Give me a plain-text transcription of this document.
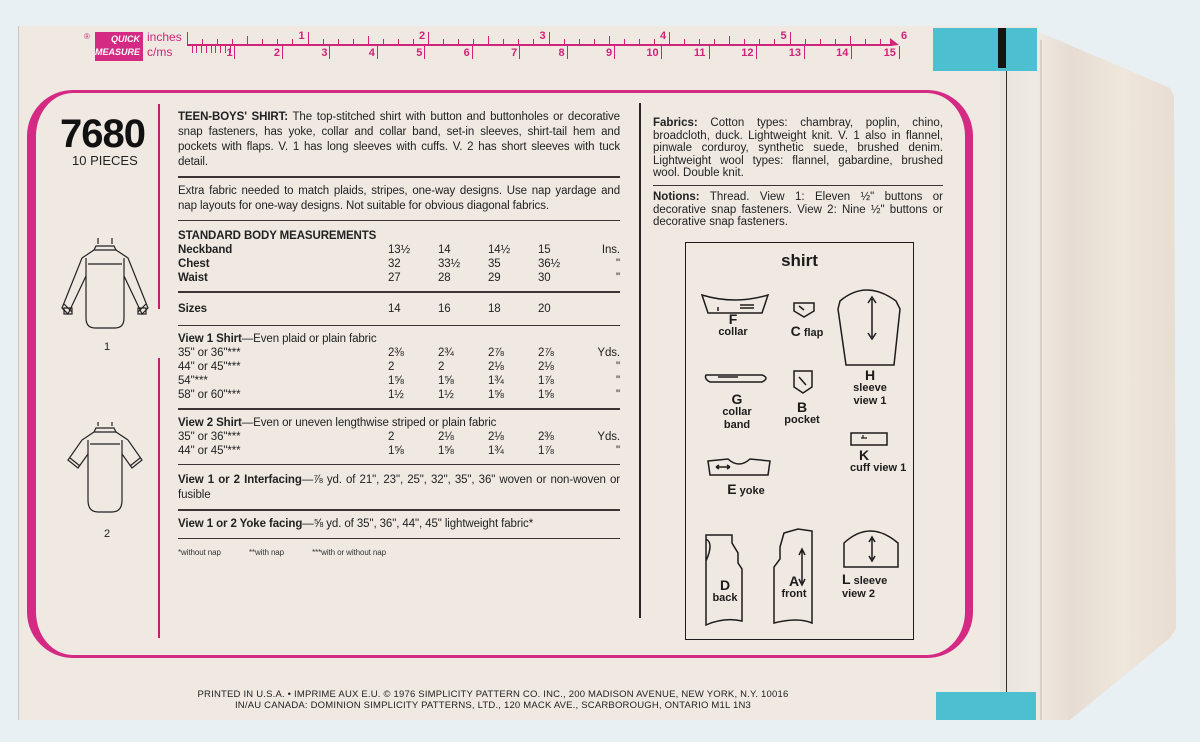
®	QUICK
MEASURE
inches
c/ms
1	2	3	4	5	6
1	2	3	4	5	6	7	8	9	10	11	12	13	14	15
7680
10 PIECES
1
2

TEEN-BOYS' SHIRT: The top-stitched shirt with button and buttonholes or decorative snap fasteners, has yoke, collar and collar band, set-in sleeves, shirt-tail hem and pockets with flaps. V. 1 has long sleeves with cuffs. V. 2 has short sleeves with tuck detail.

Extra fabric needed to match plaids, stripes, one-way designs. Use nap yardage and nap layouts for one-way designs. Not suitable for obvious diagonal fabrics.

STANDARD BODY MEASUREMENTS					
Neckband	13½	14	14½	15	Ins.
Chest	32	33½	35	36½	"
Waist	27	28	29	30	"
Sizes	14	16	18	20	
View 1 Shirt—Even plaid or plain fabric					
35" or 36"***	2⅜	2¾	2⅞	2⅞	Yds.
44" or 45"***	2	2	2⅛	2⅛	"
54"***	1⅝	1⅝	1¾	1⅞	"
58" or 60"***	1½	1½	1⅝	1⅝	"
View 2 Shirt—Even or uneven lengthwise striped or plain fabric					
35" or 36"***	2	2⅛	2⅛	2⅜	Yds.
44" or 45"***	1⅝	1⅝	1¾	1⅞	"

View 1 or 2 Interfacing—⅞ yd. of 21", 23", 25", 32", 35", 36" woven or non-woven or fusible

View 1 or 2 Yoke facing—⅝ yd. of 35", 36", 44", 45" lightweight fabric*

*without nap	**with nap	***with or without nap

Fabrics: Cotton types: chambray, poplin, chino, broadcloth, duck. Lightweight knit. V. 1 also in flannel, pinwale corduroy, synthetic suede, brushed denim. Lightweight wool types: flannel, gabardine, brushed wool. Double knit.

Notions: Thread. View 1: Eleven ½" buttons or decorative snap fasteners. View 2: Nine ½" buttons or decorative snap fasteners.

shirt
F
collar	C flap
H
sleeve view 1
G
collar band
B
pocket
K
cuff view 1
E yoke
D
back
A
front
L sleeve view 2
PRINTED IN U.S.A. • IMPRIME AUX E.U. © 1976 SIMPLICITY PATTERN CO. INC., 200 MADISON AVENUE, NEW YORK, N.Y. 10016
IN/AU CANADA: DOMINION SIMPLICITY PATTERNS, LTD., 120 MACK AVE., SCARBOROUGH, ONTARIO M1L 1N3
